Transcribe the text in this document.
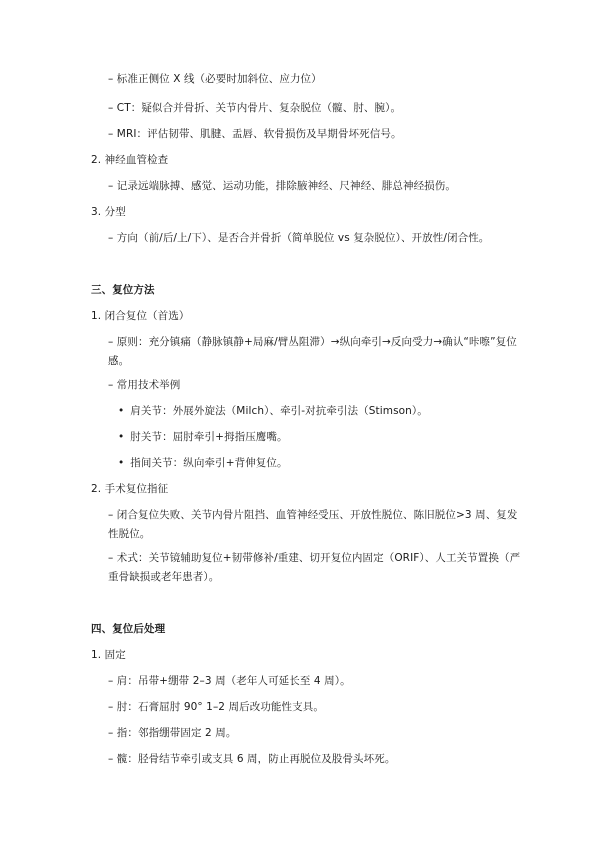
– 标准正侧位 X 线（必要时加斜位、应力位）
– CT：疑似合并骨折、关节内骨片、复杂脱位（髋、肘、腕）。
– MRI：评估韧带、肌腱、盂唇、软骨损伤及早期骨坏死信号。
2. 神经血管检查
– 记录远端脉搏、感觉、运动功能，排除腋神经、尺神经、腓总神经损伤。
3. 分型
– 方向（前/后/上/下）、是否合并骨折（简单脱位 vs 复杂脱位）、开放性/闭合性。
三、复位方法
1. 闭合复位（首选）
– 原则：充分镇痛（静脉镇静+局麻/臂丛阻滞）→纵向牵引→反向受力→确认“咔嚓”复位感。
– 常用技术举例
• 肩关节：外展外旋法（Milch）、牵引-对抗牵引法（Stimson）。
• 肘关节：屈肘牵引+拇指压鹰嘴。
• 指间关节：纵向牵引+背伸复位。
2. 手术复位指征
– 闭合复位失败、关节内骨片阻挡、血管神经受压、开放性脱位、陈旧脱位>3 周、复发性脱位。
– 术式：关节镜辅助复位+韧带修补/重建、切开复位内固定（ORIF）、人工关节置换（严重骨缺损或老年患者）。
四、复位后处理
1. 固定
– 肩：吊带+绷带 2–3 周（老年人可延长至 4 周）。
– 肘：石膏屈肘 90° 1–2 周后改功能性支具。
– 指：邻指绷带固定 2 周。
– 髋：胫骨结节牵引或支具 6 周，防止再脱位及股骨头坏死。
